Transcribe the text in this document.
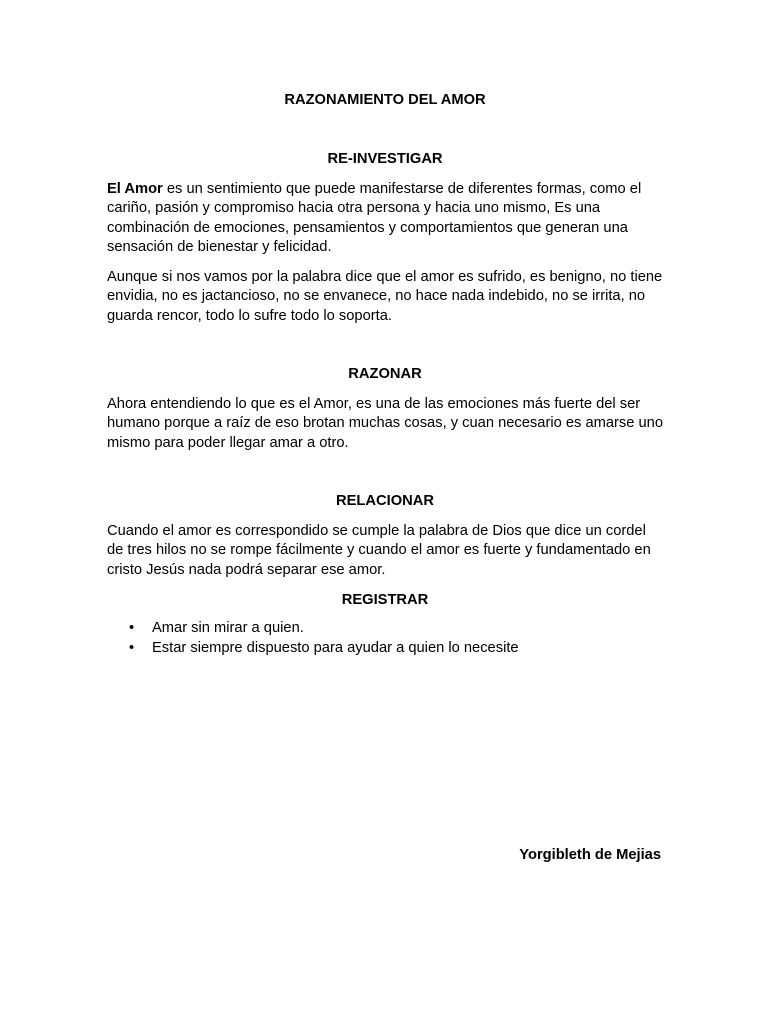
RAZONAMIENTO DEL AMOR
RE-INVESTIGAR

El Amor es un sentimiento que puede manifestarse de diferentes formas, como el cariño, pasión y compromiso hacia otra persona y hacia uno mismo, Es una combinación de emociones, pensamientos y comportamientos que generan una sensación de bienestar y felicidad.

Aunque si nos vamos por la palabra dice que el amor es sufrido, es benigno, no tiene envidia, no es jactancioso, no se envanece, no hace nada indebido, no se irrita, no guarda rencor, todo lo sufre todo lo soporta.

RAZONAR

Ahora entendiendo lo que es el Amor, es una de las emociones más fuerte del ser humano porque a raíz de eso brotan muchas cosas, y cuan necesario es amarse uno mismo para poder llegar amar a otro.

RELACIONAR

Cuando el amor es correspondido se cumple la palabra de Dios que dice un cordel de tres hilos no se rompe fácilmente y cuando el amor es fuerte y fundamentado en cristo Jesús nada podrá separar ese amor.

REGISTRAR
• Amar sin mirar a quien.
• Estar siempre dispuesto para ayudar a quien lo necesite
Yorgibleth de Mejias
